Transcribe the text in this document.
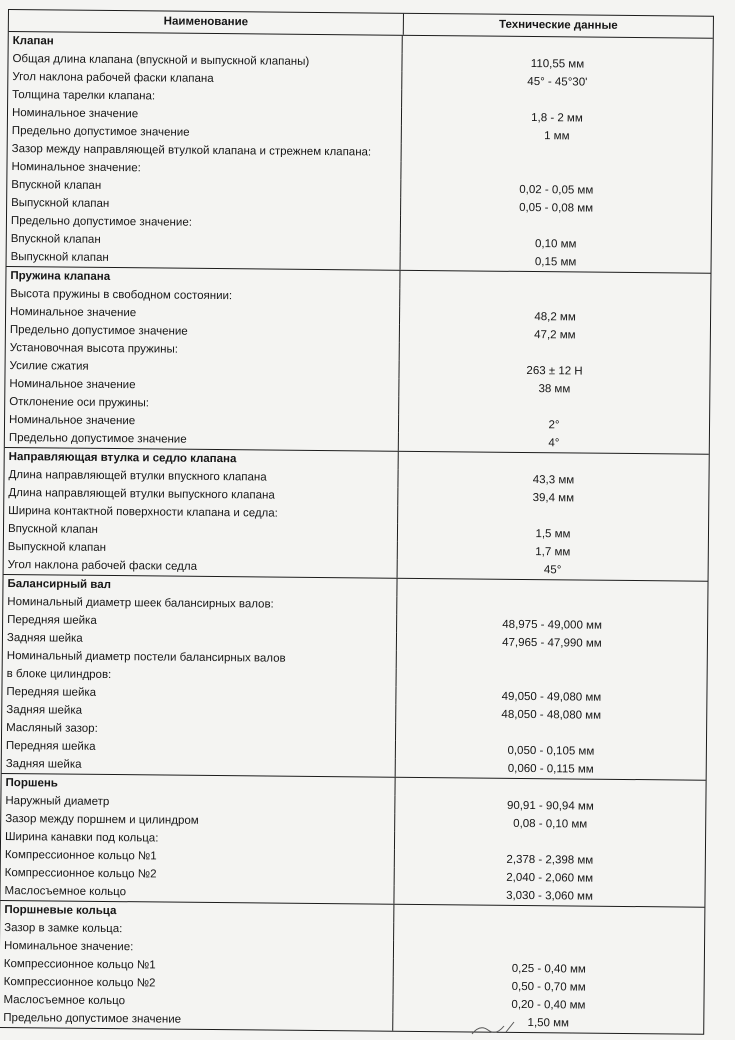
Наименование	Технические данные
Клапан
Общая длина клапана (впускной и выпускной клапаны)	110,55 мм
Угол наклона рабочей фаски клапана	45° - 45°30'
Толщина тарелки клапана:
Номинальное значение	1,8 - 2 мм
Предельно допустимое значение	1 мм
Зазор между направляющей втулкой клапана и стрежнем клапана:
Номинальное значение:
Впускной клапан	0,02 - 0,05 мм
Выпускной клапан	0,05 - 0,08 мм
Предельно допустимое значение:
Впускной клапан	0,10 мм
Выпускной клапан	0,15 мм
Пружина клапана
Высота пружины в свободном состоянии:
Номинальное значение	48,2 мм
Предельно допустимое значение	47,2 мм
Установочная высота пружины:
Усилие сжатия	263 ± 12 Н
Номинальное значение	38 мм
Отклонение оси пружины:
Номинальное значение	2°
Предельно допустимое значение	4°
Направляющая втулка и седло клапана
Длина направляющей втулки впускного клапана	43,3 мм
Длина направляющей втулки выпускного клапана	39,4 мм
Ширина контактной поверхности клапана и седла:
Впускной клапан	1,5 мм
Выпускной клапан	1,7 мм
Угол наклона рабочей фаски седла	45°
Балансирный вал
Номинальный диаметр шеек балансирных валов:
Передняя шейка	48,975 - 49,000 мм
Задняя шейка	47,965 - 47,990 мм
Номинальный диаметр постели балансирных валов
в блоке цилиндров:
Передняя шейка	49,050 - 49,080 мм
Задняя шейка	48,050 - 48,080 мм
Масляный зазор:
Передняя шейка	0,050 - 0,105 мм
Задняя шейка	0,060 - 0,115 мм
Поршень
Наружный диаметр	90,91 - 90,94 мм
Зазор между поршнем и цилиндром	0,08 - 0,10 мм
Ширина канавки под кольца:
Компрессионное кольцо №1	2,378 - 2,398 мм
Компрессионное кольцо №2	2,040 - 2,060 мм
Маслосъемное кольцо	3,030 - 3,060 мм
Поршневые кольца
Зазор в замке кольца:
Номинальное значение:
Компрессионное кольцо №1	0,25 - 0,40 мм
Компрессионное кольцо №2	0,50 - 0,70 мм
Маслосъемное кольцо	0,20 - 0,40 мм
Предельно допустимое значение	1,50 мм
